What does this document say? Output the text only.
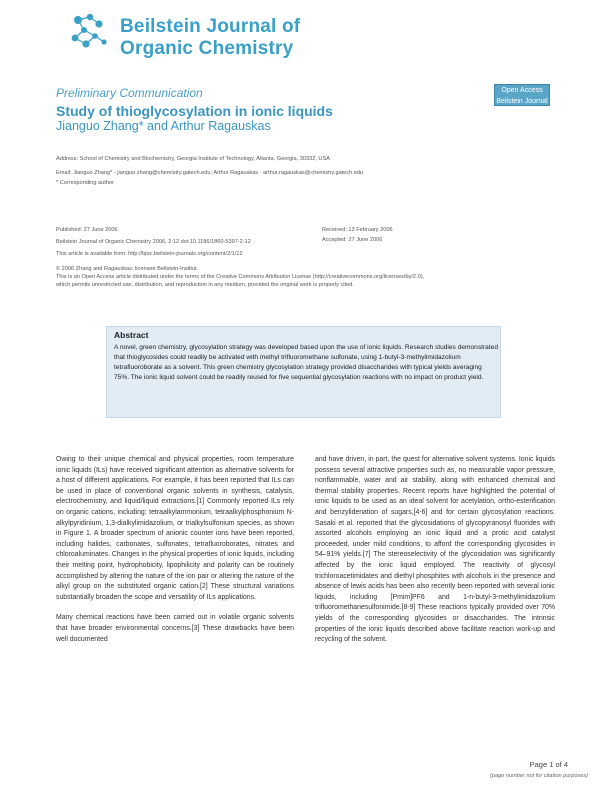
Beilstein Journal of
Organic Chemistry
Open Access
Beilstein Journal
Preliminary Communication
Study of thioglycosylation in ionic liquids
Jianguo Zhang* and Arthur Ragauskas
Address: School of Chemistry and Biochemistry, Georgia Institute of Technology, Atlanta, Georgia, 30332, USA
Email: Jianguo Zhang* - jianguo.zhang@chemistry.gatech.edu; Arthur Ragauskas - arthur.ragauskas@chemistry.gatech.edu
* Corresponding author
Published: 27 June 2006	Received: 13 February 2006
Accepted: 27 June 2006
Beilstein Journal of Organic Chemistry 2006, 2:12 doi:10.1186/1860-5397-2-12
This article is available from: http://bjoc.beilstein-journals.org/content/2/1/12
© 2006 Zhang and Ragauskas; licensee Beilstein-Institut.
This is an Open Access article distributed under the terms of the Creative Commons Attribution License (http://creativecommons.org/licenses/by/2.0),
which permits unrestricted use, distribution, and reproduction in any medium, provided the original work is properly cited.
Abstract
A novel, green chemistry, glycosylation strategy was developed based upon the use of ionic liquids. Research studies demonstrated that thioglycosides could readily be activated with methyl trifluoromethane sulfonate, using 1-butyl-3-methylimidazolium tetrafluoroborate as a solvent. This green chemistry glycosylation strategy provided disaccharides with typical yields averaging 75%. The ionic liquid solvent could be readily reused for five sequential glycosylation reactions with no impact on product yield.

Owing to their unique chemical and physical properties, room temperature ionic liquids (ILs) have received significant attention as alternative solvents for a host of different applications. For example, it has been reported that ILs can be used in place of conventional organic solvents in synthesis, catalysis, electrochemistry, and liquid/liquid extractions.[1] Commonly reported ILs rely on organic cations, including: tetraalkylammonium, tetraalkylphosphonium N-alkylpyridinium, 1,3-dialkylimidazolium, or trialkylsulfonium species, as shown in Figure 1. A broader spectrum of anionic counter ions have been reported, including halides, carbonates, sulfonates, tetrafluoroborates, nitrates and chloroaluminates. Changes in the physical properties of ionic liquids, including their melting point, hydrophobicity, lipophilicity and polarity can be routinely accomplished by altering the nature of the ion pair or altering the nature of the alkyl group on the substituted organic cation.[2] These structural variations substantially broaden the scope and versatility of ILs applications.

Many chemical reactions have been carried out in volatile organic solvents that have broader environmental concerns.[3] These drawbacks have been well documented

and have driven, in part, the quest for alternative solvent systems. Ionic liquids possess several attractive properties such as, no measurable vapor pressure, nonflammable, water and air stability, along with enhanced chemical and thermal stability properties. Recent reports have highlighted the potential of ionic liquids to be used as an ideal solvent for acetylation, ortho-esterification and benzylidenation of sugars,[4-6] and for certain glycosylation reactions. Sasaki et al. reported that the glycosidations of glycopyranosyl fluorides with assorted alcohols employing an ionic liquid and a protic acid catalyst proceeded, under mild conditions, to afford the corresponding glycosides in 54–91% yields.[7] The stereoselectivity of the glycosidation was significantly affected by the ionic liquid employed. The reactivity of glycosyl trichloroacetimidates and diethyl phosphites with alcohols in the presence and absence of lewis acids has been also recently been reported with several ionic liquids, including [Pmim]PF6 and 1-n-butyl-3-methylimidazolium trifluoromethanesulfonimide.[8-9] These reactions typically provided over 70% yields of the corresponding glycosides or disaccharides. The intrinsic properties of the ionic liquids described above facilitate reaction work-up and recycling of the solvent.

Page 1 of 4
(page number not for citation purposes)
